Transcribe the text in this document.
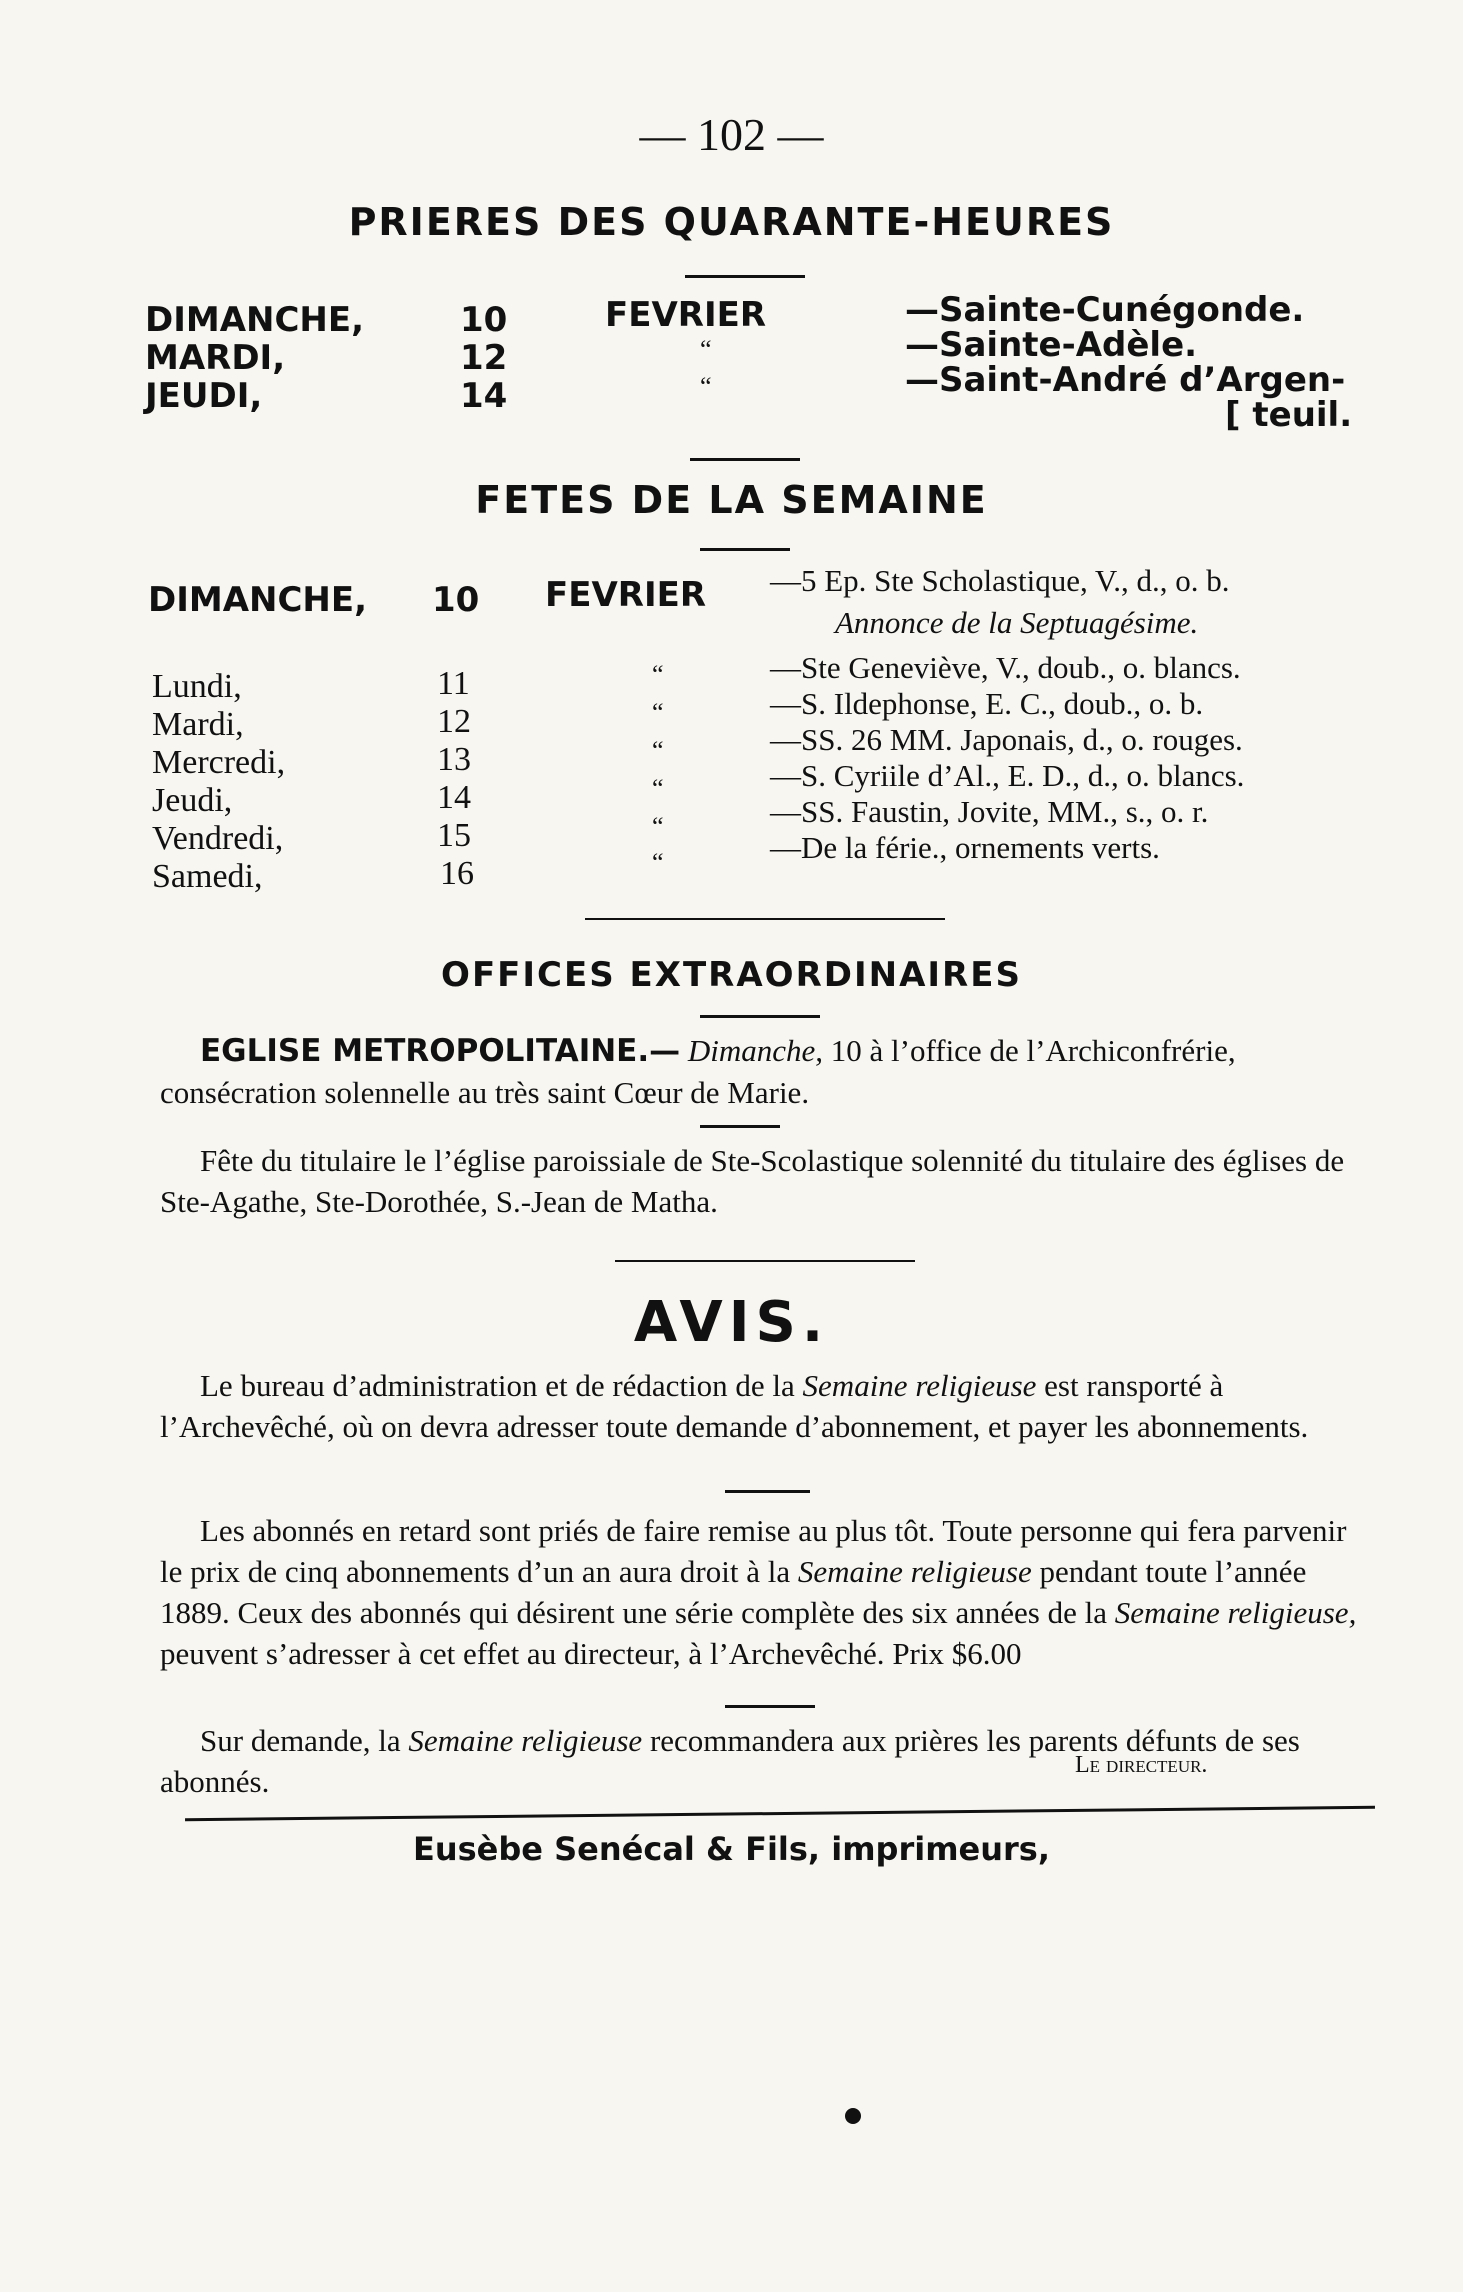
— 102 —
PRIERES DES QUARANTE-HEURES
DIMANCHE,	10	FEVRIER	—Sainte-Cunégonde.
MARDI,	12	“	—Sainte-Adèle.
JEUDI,	14	“	—Saint-André d’Argen-
[ teuil.
FETES DE LA SEMAINE
DIMANCHE, 10 FEVRIER —5 Ep. Ste Scholastique, V., d., o. b.
Annonce de la Septuagésime.
Lundi,	11	“	—Ste Geneviève, V., doub., o. blancs.
Mardi,	12	“	—S. Ildephonse, E. C., doub., o. b.
Mercredi,	13	“	—SS. 26 MM. Japonais, d., o. rouges.
Jeudi,	14	“	—S. Cyriile d’Al., E. D., d., o. blancs.
Vendredi,	15	“	—SS. Faustin, Jovite, MM., s., o. r.
Samedi,	16	“	—De la férie., ornements verts.
OFFICES EXTRAORDINAIRES
EGLISE METROPOLITAINE.— Dimanche, 10 à l’office de l’Archiconfrérie, consécration solennelle au très saint Cœur de Marie.
Fête du titulaire le l’église paroissiale de Ste-Scolastique solennité du titulaire des églises de Ste-Agathe, Ste-Dorothée, S.-Jean de Matha.
AVIS.
Le bureau d’administration et de rédaction de la Semaine religieuse est ransporté à l’Archevêché, où on devra adresser toute demande d’abonnement, et payer les abonnements.
Les abonnés en retard sont priés de faire remise au plus tôt. Toute personne qui fera parvenir le prix de cinq abonnements d’un an aura droit à la Semaine religieuse pendant toute l’année 1889. Ceux des abonnés qui désirent une série complète des six années de la Semaine religieuse, peuvent s’adresser à cet effet au directeur, à l’Archevêché. Prix $6.00
Sur demande, la Semaine religieuse recommandera aux prières les parents défunts de ses abonnés.	Le directeur.
Eusèbe Senécal & Fils, imprimeurs,
